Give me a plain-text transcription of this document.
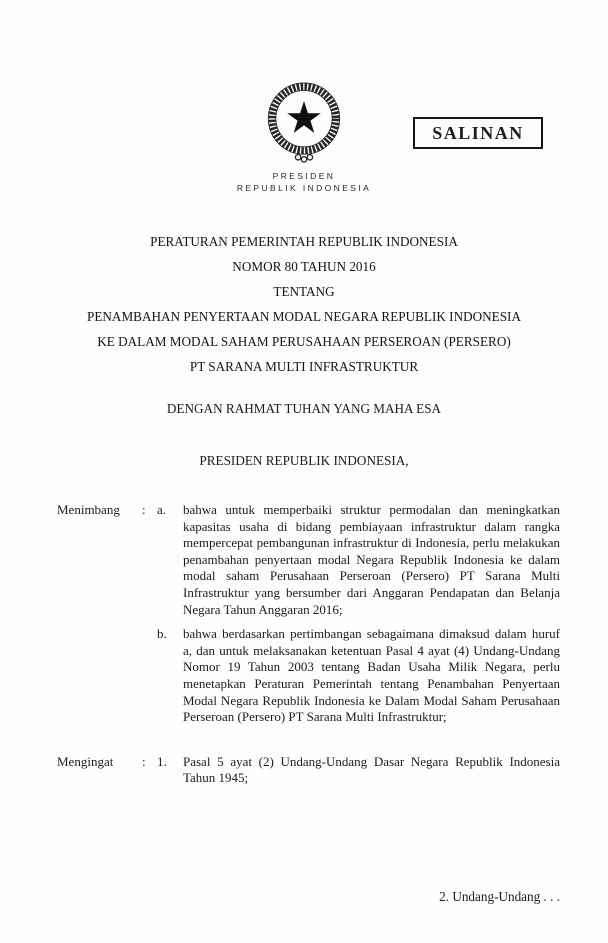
SALINAN
PRESIDEN
REPUBLIK INDONESIA
PERATURAN PEMERINTAH REPUBLIK INDONESIA
NOMOR 80 TAHUN 2016
TENTANG
PENAMBAHAN PENYERTAAN MODAL NEGARA REPUBLIK INDONESIA
KE DALAM MODAL SAHAM PERUSAHAAN PERSEROAN (PERSERO)
PT SARANA MULTI INFRASTRUKTUR
DENGAN RAHMAT TUHAN YANG MAHA ESA
PRESIDEN REPUBLIK INDONESIA,
Menimbang	: a.	bahwa untuk memperbaiki struktur permodalan dan meningkatkan kapasitas usaha di bidang pembiayaan infrastruktur dalam rangka mempercepat pembangunan infrastruktur di Indonesia, perlu melakukan penambahan penyertaan modal Negara Republik Indonesia ke dalam modal saham Perusahaan Perseroan (Persero) PT Sarana Multi Infrastruktur yang bersumber dari Anggaran Pendapatan dan Belanja Negara Tahun Anggaran 2016;
b.	bahwa berdasarkan pertimbangan sebagaimana dimaksud dalam huruf a, dan untuk melaksanakan ketentuan Pasal 4 ayat (4) Undang-Undang Nomor 19 Tahun 2003 tentang Badan Usaha Milik Negara, perlu menetapkan Peraturan Pemerintah tentang Penambahan Penyertaan Modal Negara Republik Indonesia ke Dalam Modal Saham Perusahaan Perseroan (Persero) PT Sarana Multi Infrastruktur;
Mengingat	: 1.	Pasal 5 ayat (2) Undang-Undang Dasar Negara Republik Indonesia Tahun 1945;
2. Undang-Undang . . .
